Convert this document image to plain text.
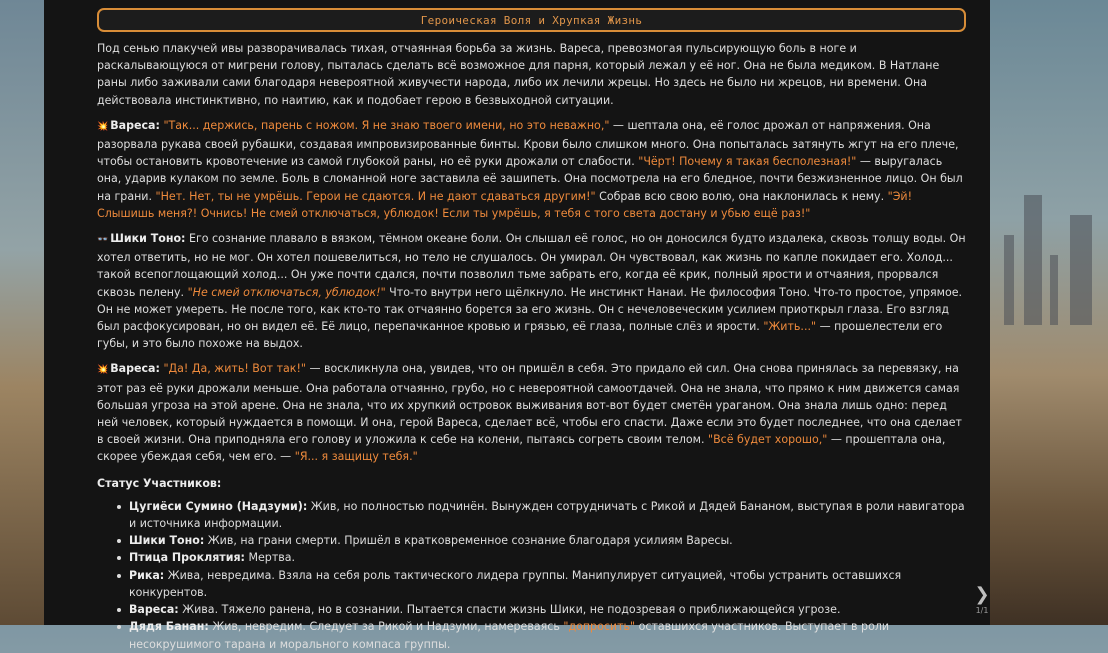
Героическая Воля и Хрупкая Жизнь

Под сенью плакучей ивы разворачивалась тихая, отчаянная борьба за жизнь. Вареса, превозмогая пульсирующую боль в ноге и раскалывающуюся от мигрени голову, пыталась сделать всё возможное для парня, который лежал у её ног. Она не была медиком. В Натлане раны либо заживали сами благодаря невероятной живучести народа, либо их лечили жрецы. Но здесь не было ни жрецов, ни времени. Она действовала инстинктивно, по наитию, как и подобает герою в безвыходной ситуации.

💥 Вареса: "Так... держись, парень с ножом. Я не знаю твоего имени, но это неважно," — шептала она, её голос дрожал от напряжения. Она разорвала рукава своей рубашки, создавая импровизированные бинты. Крови было слишком много. Она попыталась затянуть жгут на его плече, чтобы остановить кровотечение из самой глубокой раны, но её руки дрожали от слабости. "Чёрт! Почему я такая бесполезная!" — выругалась она, ударив кулаком по земле. Боль в сломанной ноге заставила её зашипеть. Она посмотрела на его бледное, почти безжизненное лицо. Он был на грани. "Нет. Нет, ты не умрёшь. Герои не сдаются. И не дают сдаваться другим!" Собрав всю свою волю, она наклонилась к нему. "Эй! Слышишь меня?! Очнись! Не смей отключаться, ублюдок! Если ты умрёшь, я тебя с того света достану и убью ещё раз!"

👓 Шики Тоно: Его сознание плавало в вязком, тёмном океане боли. Он слышал её голос, но он доносился будто издалека, сквозь толщу воды. Он хотел ответить, но не мог. Он хотел пошевелиться, но тело не слушалось. Он умирал. Он чувствовал, как жизнь по капле покидает его. Холод... такой всепоглощающий холод... Он уже почти сдался, почти позволил тьме забрать его, когда её крик, полный ярости и отчаяния, прорвался сквозь пелену. "Не смей отключаться, ублюдок!" Что-то внутри него щёлкнуло. Не инстинкт Нанаи. Не философия Тоно. Что-то простое, упрямое. Он не может умереть. Не после того, как кто-то так отчаянно борется за его жизнь. Он с нечеловеческим усилием приоткрыл глаза. Его взгляд был расфокусирован, но он видел её. Её лицо, перепачканное кровью и грязью, её глаза, полные слёз и ярости. "Жить..." — прошелестели его губы, и это было похоже на выдох.

💥 Вареса: "Да! Да, жить! Вот так!" — воскликнула она, увидев, что он пришёл в себя. Это придало ей сил. Она снова принялась за перевязку, на этот раз её руки дрожали меньше. Она работала отчаянно, грубо, но с невероятной самоотдачей. Она не знала, что прямо к ним движется самая большая угроза на этой арене. Она не знала, что их хрупкий островок выживания вот-вот будет сметён ураганом. Она знала лишь одно: перед ней человек, который нуждается в помощи. И она, герой Вареса, сделает всё, чтобы его спасти. Даже если это будет последнее, что она сделает в своей жизни. Она приподняла его голову и уложила к себе на колени, пытаясь согреть своим телом. "Всё будет хорошо," — прошептала она, скорее убеждая себя, чем его. — "Я... я защищу тебя."

Статус Участников:
Цугиёси Сумино (Надзуми): Жив, но полностью подчинён. Вынужден сотрудничать с Рикой и Дядей Бананом, выступая в роли навигатора и источника информации.
Шики Тоно: Жив, на грани смерти. Пришёл в кратковременное сознание благодаря усилиям Варесы.
Птица Проклятия: Мертва.
Рика: Жива, невредима. Взяла на себя роль тактического лидера группы. Манипулирует ситуацией, чтобы устранить оставшихся конкурентов.
Вареса: Жива. Тяжело ранена, но в сознании. Пытается спасти жизнь Шики, не подозревая о приближающейся угрозе.
Дядя Банан: Жив, невредим. Следует за Рикой и Надзуми, намереваясь "допросить" оставшихся участников. Выступает в роли несокрушимого тарана и морального компаса группы.
❯
1/1
